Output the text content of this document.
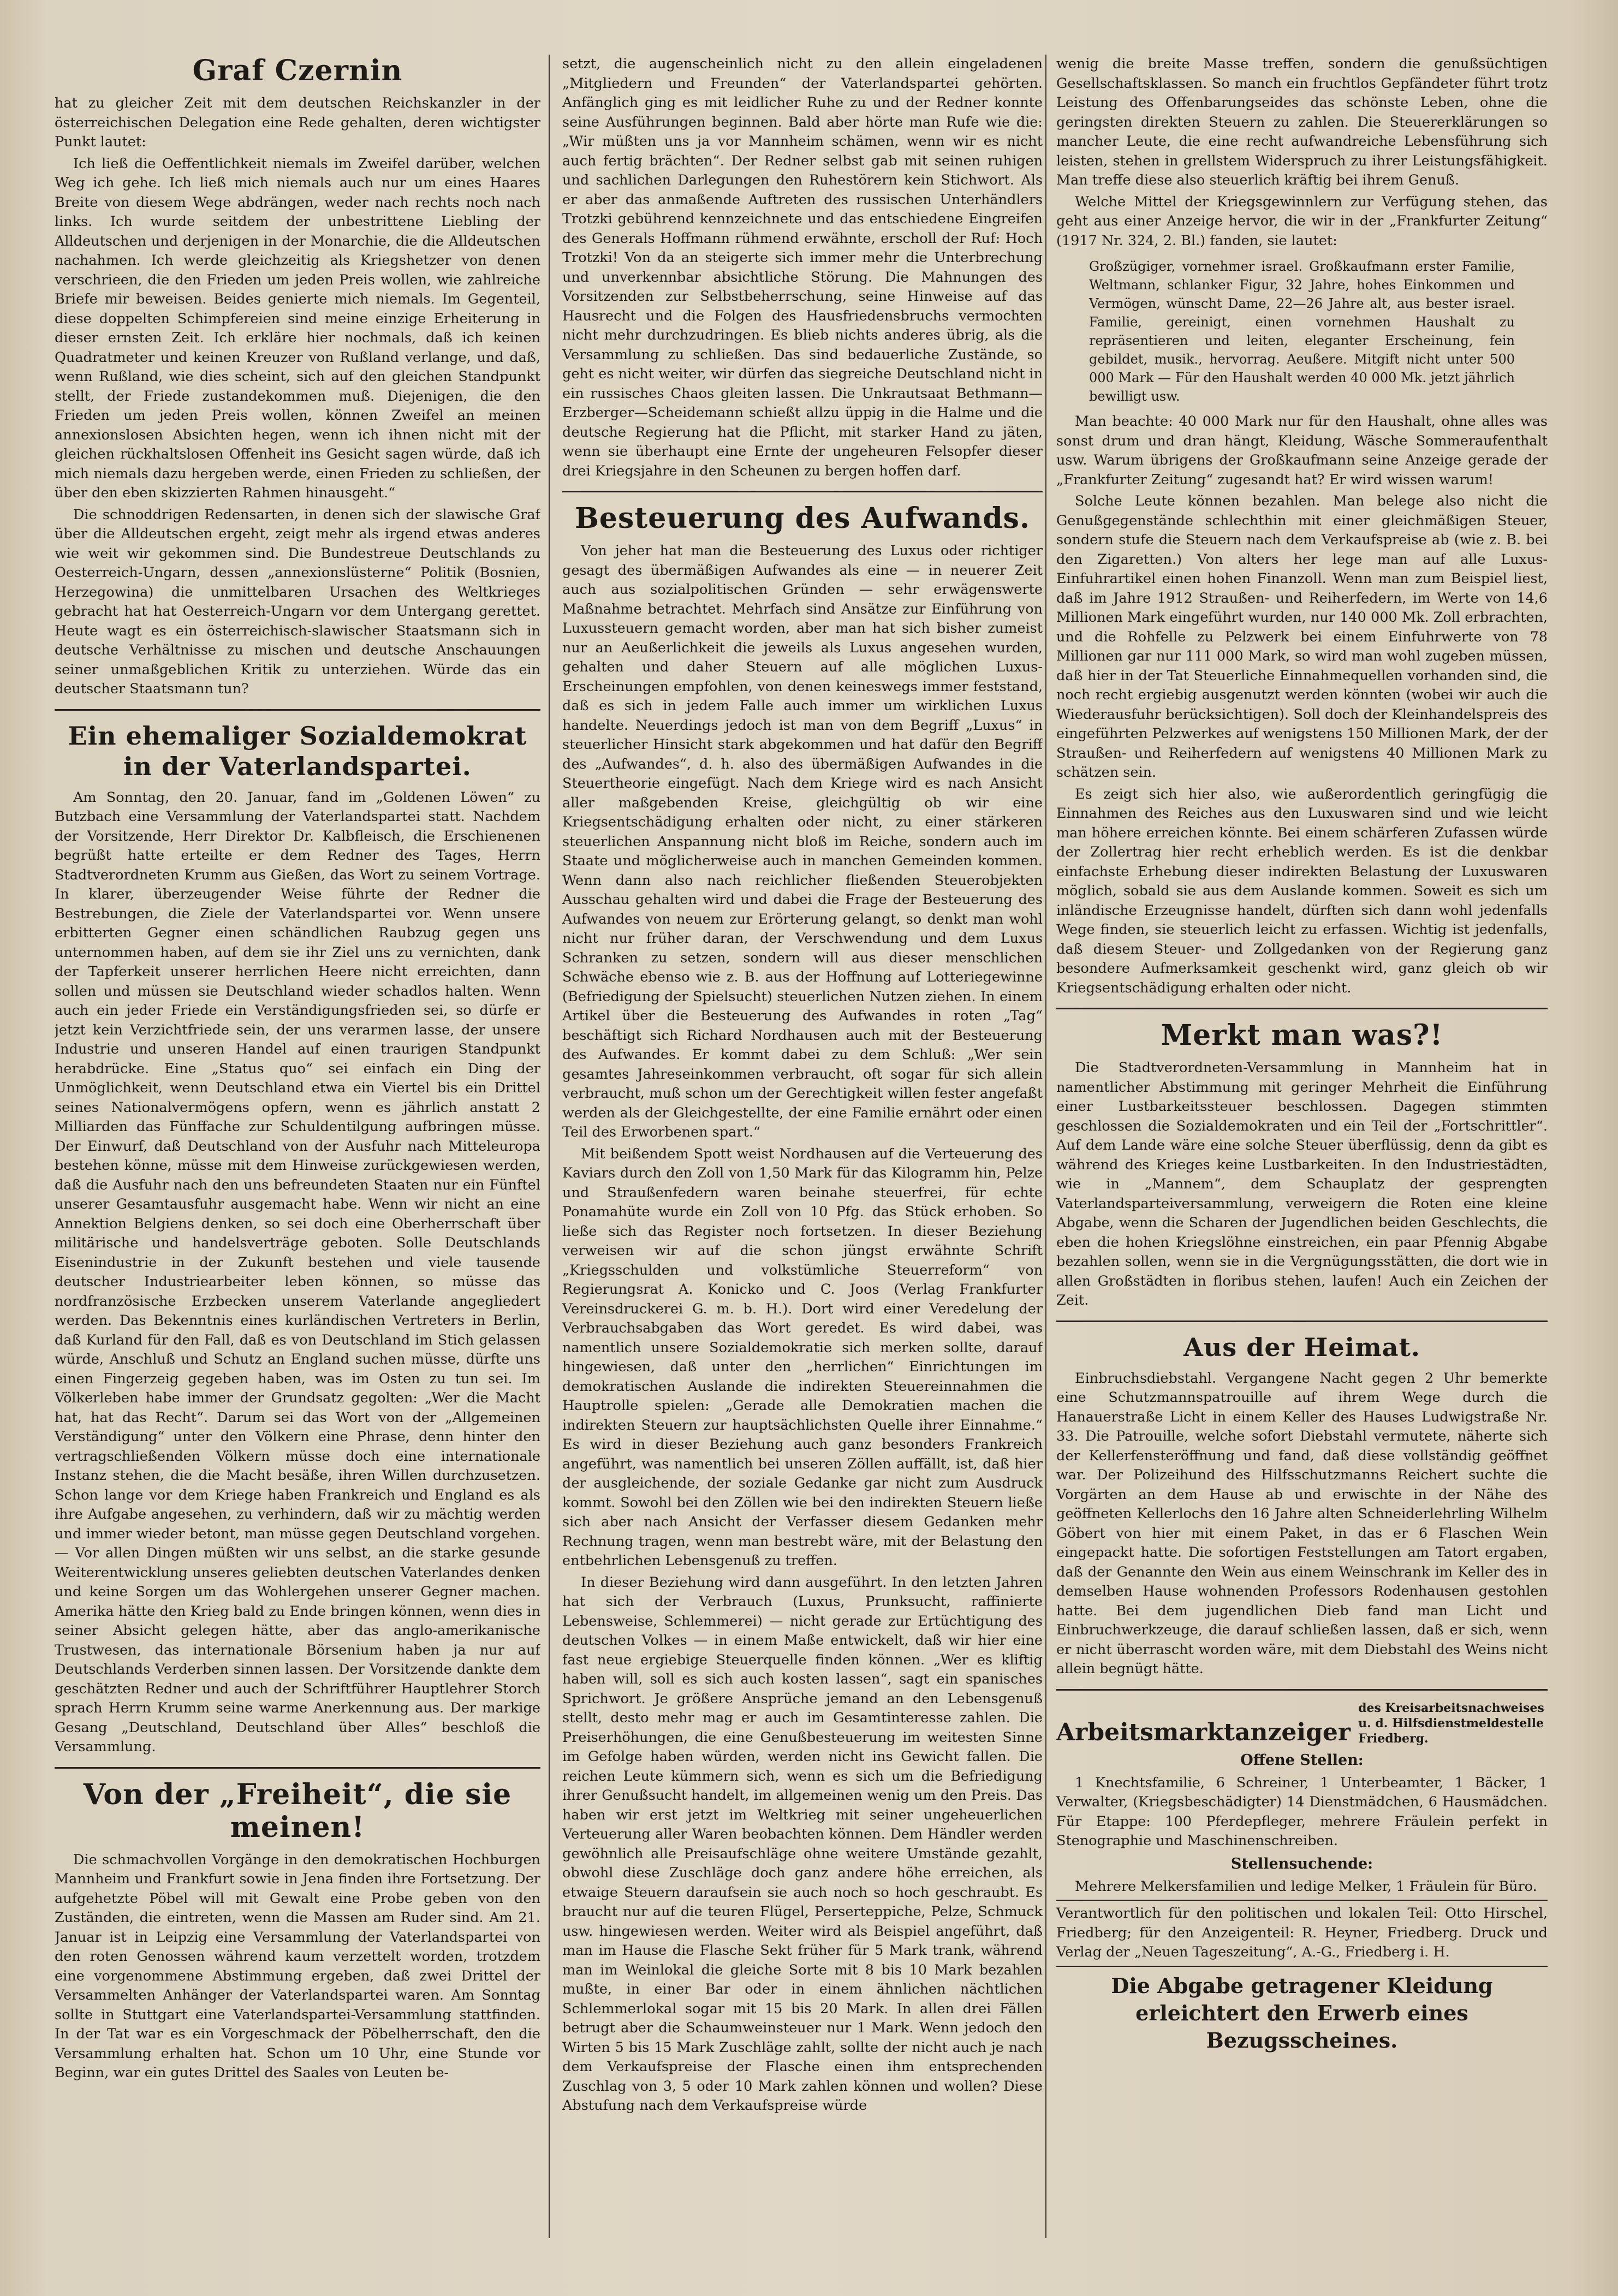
Graf Czernin

hat zu gleicher Zeit mit dem deutschen Reichskanzler in der österreichischen Delegation eine Rede gehalten, deren wichtigster Punkt lautet:

Ich ließ die Oeffentlichkeit niemals im Zweifel darüber, welchen Weg ich gehe. Ich ließ mich niemals auch nur um eines Haares Breite von diesem Wege abdrängen, weder nach rechts noch nach links. Ich wurde seitdem der unbestrittene Liebling der Alldeutschen und derjenigen in der Monarchie, die die Alldeutschen nachahmen. Ich werde gleichzeitig als Kriegshetzer von denen verschrieen, die den Frieden um jeden Preis wollen, wie zahlreiche Briefe mir beweisen. Beides genierte mich niemals. Im Gegenteil, diese doppelten Schimpfereien sind meine einzige Erheiterung in dieser ernsten Zeit. Ich erkläre hier nochmals, daß ich keinen Quadratmeter und keinen Kreuzer von Rußland verlange, und daß, wenn Rußland, wie dies scheint, sich auf den gleichen Standpunkt stellt, der Friede zustandekommen muß. Diejenigen, die den Frieden um jeden Preis wollen, können Zweifel an meinen annexionslosen Absichten hegen, wenn ich ihnen nicht mit der gleichen rückhaltslosen Offenheit ins Gesicht sagen würde, daß ich mich niemals dazu hergeben werde, einen Frieden zu schließen, der über den eben skizzierten Rahmen hinausgeht.“

Die schnoddrigen Redensarten, in denen sich der slawische Graf über die Alldeutschen ergeht, zeigt mehr als irgend etwas anderes wie weit wir gekommen sind. Die Bundestreue Deutschlands zu Oesterreich-Ungarn, dessen „annexionslüsterne“ Politik (Bosnien, Herzegowina) die unmittelbaren Ursachen des Weltkrieges gebracht hat hat Oesterreich-Ungarn vor dem Untergang gerettet. Heute wagt es ein österreichisch-slawischer Staatsmann sich in deutsche Verhältnisse zu mischen und deutsche Anschauungen seiner unmaßgeblichen Kritik zu unterziehen. Würde das ein deutscher Staatsmann tun?

Ein ehemaliger Sozialdemokrat in der Vaterlandspartei.

Am Sonntag, den 20. Januar, fand im „Goldenen Löwen“ zu Butzbach eine Versammlung der Vaterlandspartei statt. Nachdem der Vorsitzende, Herr Direktor Dr. Kalbfleisch, die Erschienenen begrüßt hatte erteilte er dem Redner des Tages, Herrn Stadtverordneten Krumm aus Gießen, das Wort zu seinem Vortrage. In klarer, überzeugender Weise führte der Redner die Bestrebungen, die Ziele der Vaterlandspartei vor. Wenn unsere erbitterten Gegner einen schändlichen Raubzug gegen uns unternommen haben, auf dem sie ihr Ziel uns zu vernichten, dank der Tapferkeit unserer herrlichen Heere nicht erreichten, dann sollen und müssen sie Deutschland wieder schadlos halten. Wenn auch ein jeder Friede ein Verständigungsfrieden sei, so dürfe er jetzt kein Verzichtfriede sein, der uns verarmen lasse, der unsere Industrie und unseren Handel auf einen traurigen Standpunkt herabdrücke. Eine „Status quo“ sei einfach ein Ding der Unmöglichkeit, wenn Deutschland etwa ein Viertel bis ein Drittel seines Nationalvermögens opfern, wenn es jährlich anstatt 2 Milliarden das Fünffache zur Schuldentilgung aufbringen müsse. Der Einwurf, daß Deutschland von der Ausfuhr nach Mitteleuropa bestehen könne, müsse mit dem Hinweise zurückgewiesen werden, daß die Ausfuhr nach den uns befreundeten Staaten nur ein Fünftel unserer Gesamtausfuhr ausgemacht habe. Wenn wir nicht an eine Annektion Belgiens denken, so sei doch eine Oberherrschaft über militärische und handelsverträge geboten. Solle Deutschlands Eisenindustrie in der Zukunft bestehen und viele tausende deutscher Industriearbeiter leben können, so müsse das nordfranzösische Erzbecken unserem Vaterlande angegliedert werden. Das Bekenntnis eines kurländischen Vertreters in Berlin, daß Kurland für den Fall, daß es von Deutschland im Stich gelassen würde, Anschluß und Schutz an England suchen müsse, dürfte uns einen Fingerzeig gegeben haben, was im Osten zu tun sei. Im Völkerleben habe immer der Grundsatz gegolten: „Wer die Macht hat, hat das Recht“. Darum sei das Wort von der „Allgemeinen Verständigung“ unter den Völkern eine Phrase, denn hinter den vertragschließenden Völkern müsse doch eine internationale Instanz stehen, die die Macht besäße, ihren Willen durchzusetzen. Schon lange vor dem Kriege haben Frankreich und England es als ihre Aufgabe angesehen, zu verhindern, daß wir zu mächtig werden und immer wieder betont, man müsse gegen Deutschland vorgehen. — Vor allen Dingen müßten wir uns selbst, an die starke gesunde Weiterentwicklung unseres geliebten deutschen Vaterlandes denken und keine Sorgen um das Wohlergehen unserer Gegner machen. Amerika hätte den Krieg bald zu Ende bringen können, wenn dies in seiner Absicht gelegen hätte, aber das anglo-amerikanische Trustwesen, das internationale Börsenium haben ja nur auf Deutschlands Verderben sinnen lassen. Der Vorsitzende dankte dem geschätzten Redner und auch der Schriftführer Hauptlehrer Storch sprach Herrn Krumm seine warme Anerkennung aus. Der markige Gesang „Deutschland, Deutschland über Alles“ beschloß die Versammlung.

Von der „Freiheit“, die sie meinen!

Die schmachvollen Vorgänge in den demokratischen Hochburgen Mannheim und Frankfurt sowie in Jena finden ihre Fortsetzung. Der aufgehetzte Pöbel will mit Gewalt eine Probe geben von den Zuständen, die eintreten, wenn die Massen am Ruder sind. Am 21. Januar ist in Leipzig eine Versammlung der Vaterlandspartei von den roten Genossen während kaum verzettelt worden, trotzdem eine vorgenommene Abstimmung ergeben, daß zwei Drittel der Versammelten Anhänger der Vaterlandspartei waren. Am Sonntag sollte in Stuttgart eine Vaterlandspartei-Versammlung stattfinden. In der Tat war es ein Vorgeschmack der Pöbelherrschaft, den die Versammlung erhalten hat. Schon um 10 Uhr, eine Stunde vor Beginn, war ein gutes Drittel des Saales von Leuten be-

setzt, die augenscheinlich nicht zu den allein eingeladenen „Mitgliedern und Freunden“ der Vaterlandspartei gehörten. Anfänglich ging es mit leidlicher Ruhe zu und der Redner konnte seine Ausführungen beginnen. Bald aber hörte man Rufe wie die: „Wir müßten uns ja vor Mannheim schämen, wenn wir es nicht auch fertig brächten“. Der Redner selbst gab mit seinen ruhigen und sachlichen Darlegungen den Ruhestörern kein Stichwort. Als er aber das anmaßende Auftreten des russischen Unterhändlers Trotzki gebührend kennzeichnete und das entschiedene Eingreifen des Generals Hoffmann rühmend erwähnte, erscholl der Ruf: Hoch Trotzki! Von da an steigerte sich immer mehr die Unterbrechung und unverkennbar absichtliche Störung. Die Mahnungen des Vorsitzenden zur Selbstbeherrschung, seine Hinweise auf das Hausrecht und die Folgen des Hausfriedensbruchs vermochten nicht mehr durchzudringen. Es blieb nichts anderes übrig, als die Versammlung zu schließen. Das sind bedauerliche Zustände, so geht es nicht weiter, wir dürfen das siegreiche Deutschland nicht in ein russisches Chaos gleiten lassen. Die Unkrautsaat Bethmann—Erzberger—Scheidemann schießt allzu üppig in die Halme und die deutsche Regierung hat die Pflicht, mit starker Hand zu jäten, wenn sie überhaupt eine Ernte der ungeheuren Felsopfer dieser drei Kriegsjahre in den Scheunen zu bergen hoffen darf.

Besteuerung des Aufwands.

Von jeher hat man die Besteuerung des Luxus oder richtiger gesagt des übermäßigen Aufwandes als eine — in neuerer Zeit auch aus sozialpolitischen Gründen — sehr erwägenswerte Maßnahme betrachtet. Mehrfach sind Ansätze zur Einführung von Luxussteuern gemacht worden, aber man hat sich bisher zumeist nur an Aeußerlichkeit die jeweils als Luxus angesehen wurden, gehalten und daher Steuern auf alle möglichen Luxus-Erscheinungen empfohlen, von denen keineswegs immer feststand, daß es sich in jedem Falle auch immer um wirklichen Luxus handelte. Neuerdings jedoch ist man von dem Begriff „Luxus“ in steuerlicher Hinsicht stark abgekommen und hat dafür den Begriff des „Aufwandes“, d. h. also des übermäßigen Aufwandes in die Steuertheorie eingefügt. Nach dem Kriege wird es nach Ansicht aller maßgebenden Kreise, gleichgültig ob wir eine Kriegsentschädigung erhalten oder nicht, zu einer stärkeren steuerlichen Anspannung nicht bloß im Reiche, sondern auch im Staate und möglicherweise auch in manchen Gemeinden kommen. Wenn dann also nach reichlicher fließenden Steuerobjekten Ausschau gehalten wird und dabei die Frage der Besteuerung des Aufwandes von neuem zur Erörterung gelangt, so denkt man wohl nicht nur früher daran, der Verschwendung und dem Luxus Schranken zu setzen, sondern will aus dieser menschlichen Schwäche ebenso wie z. B. aus der Hoffnung auf Lotteriegewinne (Befriedigung der Spielsucht) steuerlichen Nutzen ziehen. In einem Artikel über die Besteuerung des Aufwandes in roten „Tag“ beschäftigt sich Richard Nordhausen auch mit der Besteuerung des Aufwandes. Er kommt dabei zu dem Schluß: „Wer sein gesamtes Jahreseinkommen verbraucht, oft sogar für sich allein verbraucht, muß schon um der Gerechtigkeit willen fester angefaßt werden als der Gleichgestellte, der eine Familie ernährt oder einen Teil des Erworbenen spart.“

Mit beißendem Spott weist Nordhausen auf die Verteuerung des Kaviars durch den Zoll von 1,50 Mark für das Kilogramm hin, Pelze und Straußenfedern waren beinahe steuerfrei, für echte Ponamahüte wurde ein Zoll von 10 Pfg. das Stück erhoben. So ließe sich das Register noch fortsetzen. In dieser Beziehung verweisen wir auf die schon jüngst erwähnte Schrift „Kriegsschulden und volkstümliche Steuerreform“ von Regierungsrat A. Konicko und C. Joos (Verlag Frankfurter Vereinsdruckerei G. m. b. H.). Dort wird einer Veredelung der Verbrauchsabgaben das Wort geredet. Es wird dabei, was namentlich unsere Sozialdemokratie sich merken sollte, darauf hingewiesen, daß unter den „herrlichen“ Einrichtungen im demokratischen Auslande die indirekten Steuereinnahmen die Hauptrolle spielen: „Gerade alle Demokratien machen die indirekten Steuern zur hauptsächlichsten Quelle ihrer Einnahme.“ Es wird in dieser Beziehung auch ganz besonders Frankreich angeführt, was namentlich bei unseren Zöllen auffällt, ist, daß hier der ausgleichende, der soziale Gedanke gar nicht zum Ausdruck kommt. Sowohl bei den Zöllen wie bei den indirekten Steuern ließe sich aber nach Ansicht der Verfasser diesem Gedanken mehr Rechnung tragen, wenn man bestrebt wäre, mit der Belastung den entbehrlichen Lebensgenuß zu treffen.

In dieser Beziehung wird dann ausgeführt. In den letzten Jahren hat sich der Verbrauch (Luxus, Prunksucht, raffinierte Lebensweise, Schlemmerei) — nicht gerade zur Ertüchtigung des deutschen Volkes — in einem Maße entwickelt, daß wir hier eine fast neue ergiebige Steuerquelle finden können. „Wer es kliftig haben will, soll es sich auch kosten lassen“, sagt ein spanisches Sprichwort. Je größere Ansprüche jemand an den Lebensgenuß stellt, desto mehr mag er auch im Gesamtinteresse zahlen. Die Preiserhöhungen, die eine Genußbesteuerung im weitesten Sinne im Gefolge haben würden, werden nicht ins Gewicht fallen. Die reichen Leute kümmern sich, wenn es sich um die Befriedigung ihrer Genußsucht handelt, im allgemeinen wenig um den Preis. Das haben wir erst jetzt im Weltkrieg mit seiner ungeheuerlichen Verteuerung aller Waren beobachten können. Dem Händler werden gewöhnlich alle Preisaufschläge ohne weitere Umstände gezahlt, obwohl diese Zuschläge doch ganz andere höhe erreichen, als etwaige Steuern daraufsein sie auch noch so hoch geschraubt. Es braucht nur auf die teuren Flügel, Perserteppiche, Pelze, Schmuck usw. hingewiesen werden. Weiter wird als Beispiel angeführt, daß man im Hause die Flasche Sekt früher für 5 Mark trank, während man im Weinlokal die gleiche Sorte mit 8 bis 10 Mark bezahlen mußte, in einer Bar oder in einem ähnlichen nächtlichen Schlemmerlokal sogar mit 15 bis 20 Mark. In allen drei Fällen betrugt aber die Schaumweinsteuer nur 1 Mark. Wenn jedoch den Wirten 5 bis 15 Mark Zuschläge zahlt, sollte der nicht auch je nach dem Verkaufspreise der Flasche einen ihm entsprechenden Zuschlag von 3, 5 oder 10 Mark zahlen können und wollen? Diese Abstufung nach dem Verkaufspreise würde

wenig die breite Masse treffen, sondern die genußsüchtigen Gesellschaftsklassen. So manch ein fruchtlos Gepfändeter führt trotz Leistung des Offenbarungseides das schönste Leben, ohne die geringsten direkten Steuern zu zahlen. Die Steuererklärungen so mancher Leute, die eine recht aufwandreiche Lebensführung sich leisten, stehen in grellstem Widerspruch zu ihrer Leistungsfähigkeit. Man treffe diese also steuerlich kräftig bei ihrem Genuß.

Welche Mittel der Kriegsgewinnlern zur Verfügung stehen, das geht aus einer Anzeige hervor, die wir in der „Frankfurter Zeitung“ (1917 Nr. 324, 2. Bl.) fanden, sie lautet:

Großzügiger, vornehmer israel. Großkaufmann erster Familie, Weltmann, schlanker Figur, 32 Jahre, hohes Einkommen und Vermögen, wünscht Dame, 22—26 Jahre alt, aus bester israel. Familie, gereinigt, einen vornehmen Haushalt zu repräsentieren und leiten, eleganter Erscheinung, fein gebildet, musik., hervorrag. Aeußere. Mitgift nicht unter 500 000 Mark — Für den Haushalt werden 40 000 Mk. jetzt jährlich bewilligt usw.

Man beachte: 40 000 Mark nur für den Haushalt, ohne alles was sonst drum und dran hängt, Kleidung, Wäsche Sommeraufenthalt usw. Warum übrigens der Großkaufmann seine Anzeige gerade der „Frankfurter Zeitung“ zugesandt hat? Er wird wissen warum!

Solche Leute können bezahlen. Man belege also nicht die Genußgegenstände schlechthin mit einer gleichmäßigen Steuer, sondern stufe die Steuern nach dem Verkaufspreise ab (wie z. B. bei den Zigaretten.) Von alters her lege man auf alle Luxus-Einfuhrartikel einen hohen Finanzoll. Wenn man zum Beispiel liest, daß im Jahre 1912 Straußen- und Reiherfedern, im Werte von 14,6 Millionen Mark eingeführt wurden, nur 140 000 Mk. Zoll erbrachten, und die Rohfelle zu Pelzwerk bei einem Einfuhrwerte von 78 Millionen gar nur 111 000 Mark, so wird man wohl zugeben müssen, daß hier in der Tat Steuerliche Einnahmequellen vorhanden sind, die noch recht ergiebig ausgenutzt werden könnten (wobei wir auch die Wiederausfuhr berücksichtigen). Soll doch der Kleinhandelspreis des eingeführten Pelzwerkes auf wenigstens 150 Millionen Mark, der der Straußen- und Reiherfedern auf wenigstens 40 Millionen Mark zu schätzen sein.

Es zeigt sich hier also, wie außerordentlich geringfügig die Einnahmen des Reiches aus den Luxuswaren sind und wie leicht man höhere erreichen könnte. Bei einem schärferen Zufassen würde der Zollertrag hier recht erheblich werden. Es ist die denkbar einfachste Erhebung dieser indirekten Belastung der Luxuswaren möglich, sobald sie aus dem Auslande kommen. Soweit es sich um inländische Erzeugnisse handelt, dürften sich dann wohl jedenfalls Wege finden, sie steuerlich leicht zu erfassen. Wichtig ist jedenfalls, daß diesem Steuer- und Zollgedanken von der Regierung ganz besondere Aufmerksamkeit geschenkt wird, ganz gleich ob wir Kriegsentschädigung erhalten oder nicht.

Merkt man was?!

Die Stadtverordneten-Versammlung in Mannheim hat in namentlicher Abstimmung mit geringer Mehrheit die Einführung einer Lustbarkeitssteuer beschlossen. Dagegen stimmten geschlossen die Sozialdemokraten und ein Teil der „Fortschrittler“. Auf dem Lande wäre eine solche Steuer überflüssig, denn da gibt es während des Krieges keine Lustbarkeiten. In den Industriestädten, wie in „Mannem“, dem Schauplatz der gesprengten Vaterlandsparteiversammlung, verweigern die Roten eine kleine Abgabe, wenn die Scharen der Jugendlichen beiden Geschlechts, die eben die hohen Kriegslöhne einstreichen, ein paar Pfennig Abgabe bezahlen sollen, wenn sie in die Vergnügungsstätten, die dort wie in allen Großstädten in floribus stehen, laufen! Auch ein Zeichen der Zeit.

Aus der Heimat.

Einbruchsdiebstahl. Vergangene Nacht gegen 2 Uhr bemerkte eine Schutzmannspatrouille auf ihrem Wege durch die Hanauerstraße Licht in einem Keller des Hauses Ludwigstraße Nr. 33. Die Patrouille, welche sofort Diebstahl vermutete, näherte sich der Kellerfensteröffnung und fand, daß diese vollständig geöffnet war. Der Polizeihund des Hilfsschutzmanns Reichert suchte die Vorgärten an dem Hause ab und erwischte in der Nähe des geöffneten Kellerlochs den 16 Jahre alten Schneiderlehrling Wilhelm Göbert von hier mit einem Paket, in das er 6 Flaschen Wein eingepackt hatte. Die sofortigen Feststellungen am Tatort ergaben, daß der Genannte den Wein aus einem Weinschrank im Keller des in demselben Hause wohnenden Professors Rodenhausen gestohlen hatte. Bei dem jugendlichen Dieb fand man Licht und Einbruchwerkzeuge, die darauf schließen lassen, daß er sich, wenn er nicht überrascht worden wäre, mit dem Diebstahl des Weins nicht allein begnügt hätte.

Arbeitsmarktanzeiger
des Kreisarbeitsnachweises u. d. Hilfsdienstmeldestelle Friedberg.
Offene Stellen:

1 Knechtsfamilie, 6 Schreiner, 1 Unterbeamter, 1 Bäcker, 1 Verwalter, (Kriegsbeschädigter) 14 Dienstmädchen, 6 Hausmädchen. Für Etappe: 100 Pferdepfleger, mehrere Fräulein perfekt in Stenographie und Maschinenschreiben.

Stellensuchende:

Mehrere Melkersfamilien und ledige Melker, 1 Fräulein für Büro.

Verantwortlich für den politischen und lokalen Teil: Otto Hirschel, Friedberg; für den Anzeigenteil: R. Heyner, Friedberg. Druck und Verlag der „Neuen Tageszeitung“, A.-G., Friedberg i. H.

Die Abgabe getragener Kleidung erleichtert den Erwerb eines Bezugsscheines.
